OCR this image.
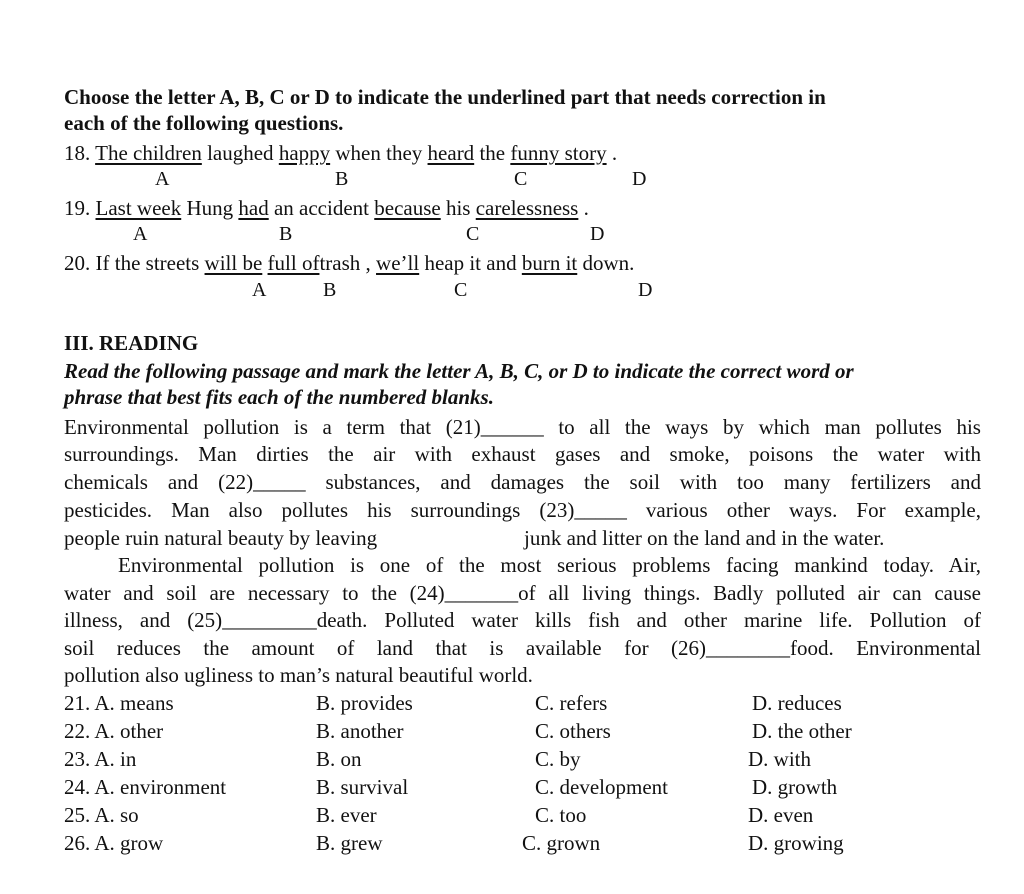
Choose the letter A, B, C or D to indicate the underlined part that needs correction in
each of the following questions.
18. The children laughed happy when they heard the funny story .
A	B	C	D
19. Last week Hung had an accident because his carelessness .
A	B	C	D
20. If the streets will be full oftrash , we’ll heap it and burn it down.
A	B	C	D
III. READING
Read the following passage and mark the letter A, B, C, or D to indicate the correct word or
phrase that best fits each of the numbered blanks.
Environmental pollution is a term that (21)______ to all the ways by which man pollutes his
surroundings. Man dirties the air with exhaust gases and smoke, poisons the water with
chemicals and (22)_____ substances, and damages the soil with too many fertilizers and
pesticides. Man also pollutes his surroundings (23)_____ various other ways. For example,
people ruin natural beauty by leaving	junk and litter on the land and in the water.
Environmental pollution is one of the most serious problems facing mankind today. Air,
water and soil are necessary to the (24)_______of all living things. Badly polluted air can cause
illness, and (25)_________death. Polluted water kills fish and other marine life. Pollution of
soil reduces the amount of land that is available for (26)________food. Environmental
pollution also ugliness to man’s natural beautiful world.
21. A. means	B. provides	C. refers	D. reduces
22. A. other	B. another	C. others	D. the other
23. A. in	B. on	C. by	D. with
24. A. environment	B. survival	C. development	D. growth
25. A. so	B. ever	C. too	D. even
26. A. grow	B. grew	C. grown	D. growing
